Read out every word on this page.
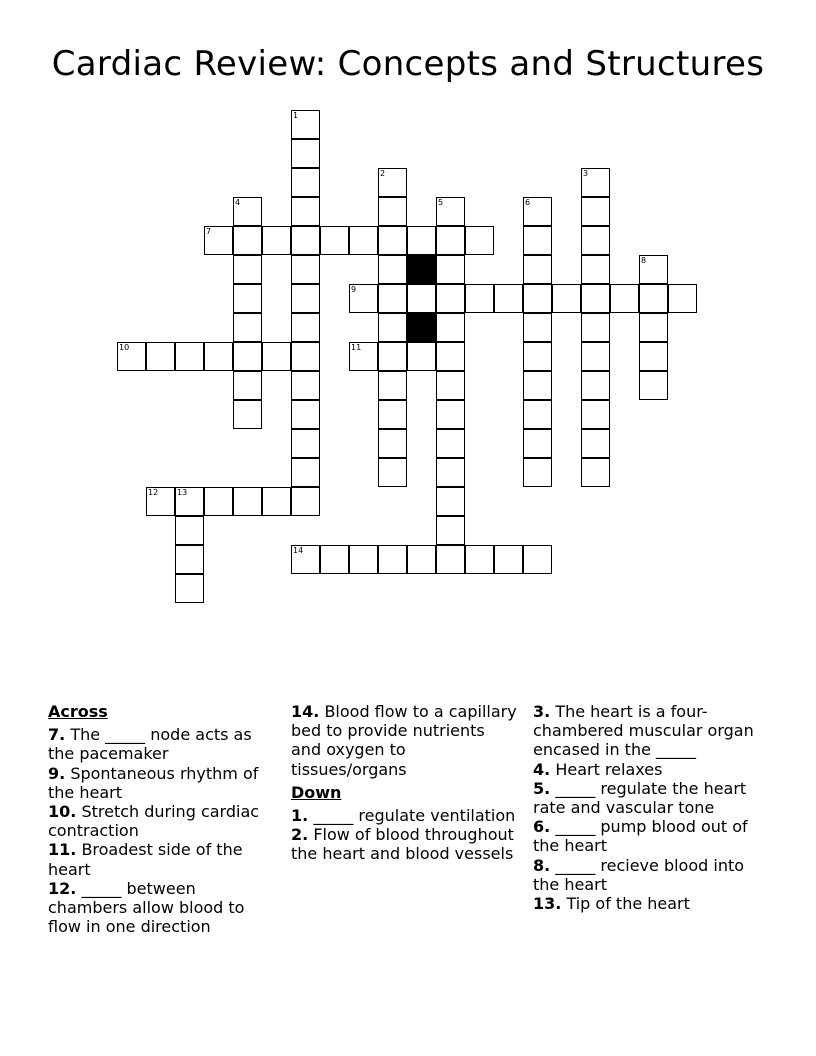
Cardiac Review: Concepts and Structures
7
9
10	11
12 13
14
1
2	3
4	5	6
8

Across

7. The _____ node acts as the pacemaker

9. Spontaneous rhythm of the heart

10. Stretch during cardiac contraction

11. Broadest side of the heart

12. _____ between chambers allow blood to flow in one direction

14. Blood flow to a capillary bed to provide nutrients and oxygen to tissues/organs

Down

1. _____ regulate ventilation

2. Flow of blood throughout the heart and blood vessels

3. The heart is a four-chambered muscular organ encased in the _____

4. Heart relaxes

5. _____ regulate the heart rate and vascular tone

6. _____ pump blood out of the heart

8. _____ recieve blood into the heart

13. Tip of the heart
